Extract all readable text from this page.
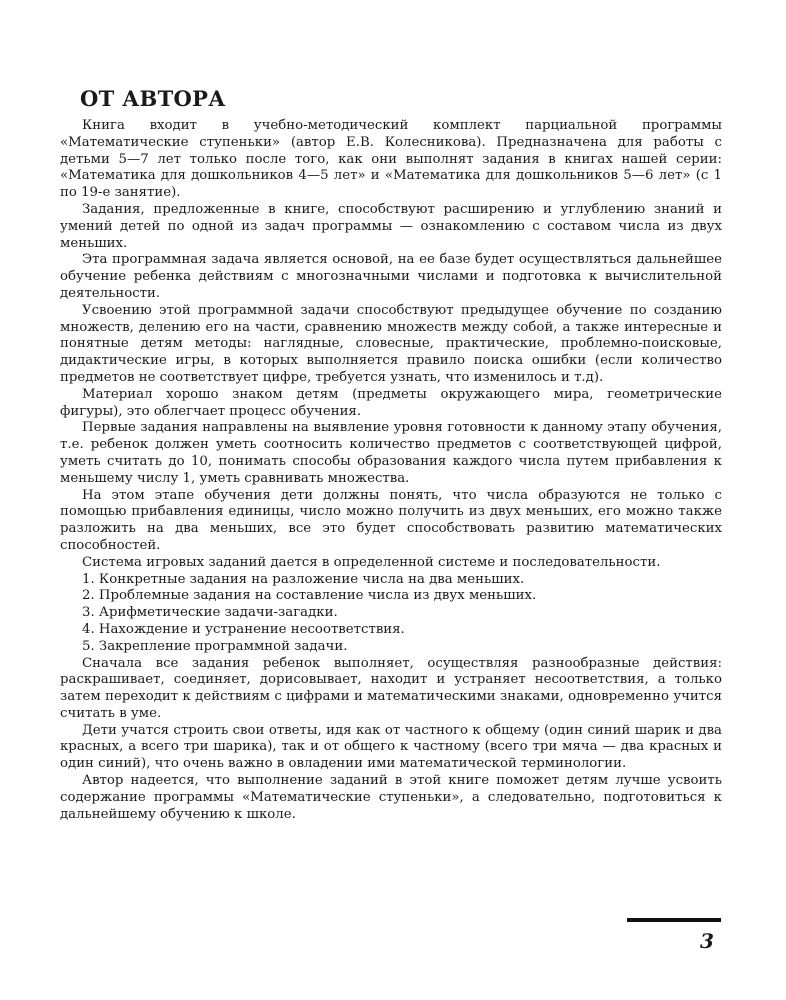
ОТ АВТОРА

Книга входит в учебно-методический комплект парциальной программы «Математические ступеньки» (автор Е.В. Колесникова). Предназначена для работы с детьми 5—7 лет только после того, как они выполнят задания в книгах нашей серии: «Математика для дошкольников 4—5 лет» и «Математика для дошкольников 5—6 лет» (с 1 по 19-е занятие).

Задания, предложенные в книге, способствуют расширению и углублению знаний и умений детей по одной из задач программы — ознакомлению с составом числа из двух меньших.

Эта программная задача является основой, на ее базе будет осуществляться дальнейшее обучение ребенка действиям с многозначными числами и подготовка к вычислительной деятельности.

Усвоению этой программной задачи способствуют предыдущее обучение по созданию множеств, делению его на части, сравнению множеств между собой, а также интересные и понятные детям методы: наглядные, словесные, практические, проблемно-поисковые, дидактические игры, в которых выполняется правило поиска ошибки (если количество предметов не соответствует цифре, требуется узнать, что изменилось и т.д).

Материал хорошо знаком детям (предметы окружающего мира, геометрические фигуры), это облегчает процесс обучения.

Первые задания направлены на выявление уровня готовности к данному этапу обучения, т.е. ребенок должен уметь соотносить количество предметов с соответствующей цифрой, уметь считать до 10, понимать способы образования каждого числа путем прибавления к меньшему числу 1, уметь сравнивать множества.

На этом этапе обучения дети должны понять, что числа образуются не только с помощью прибавления единицы, число можно получить из двух меньших, его можно также разложить на два меньших, все это будет способствовать развитию математических способностей.

Система игровых заданий дается в определенной системе и последовательности.

1. Конкретные задания на разложение числа на два меньших.
2. Проблемные задания на составление числа из двух меньших.
3. Арифметические задачи-загадки.
4. Нахождение и устранение несоответствия.
5. Закрепление программной задачи.

Сначала все задания ребенок выполняет, осуществляя разнообразные действия: раскрашивает, соединяет, дорисовывает, находит и устраняет несоответствия, а только затем переходит к действиям с цифрами и математическими знаками, одновременно учится считать в уме.

Дети учатся строить свои ответы, идя как от частного к общему (один синий шарик и два красных, а всего три шарика), так и от общего к частному (всего три мяча — два красных и один синий), что очень важно в овладении ими математической терминологии.

Автор надеется, что выполнение заданий в этой книге поможет детям лучше усвоить содержание программы «Математические ступеньки», а следовательно, подготовиться к дальнейшему обучению к школе.

3
